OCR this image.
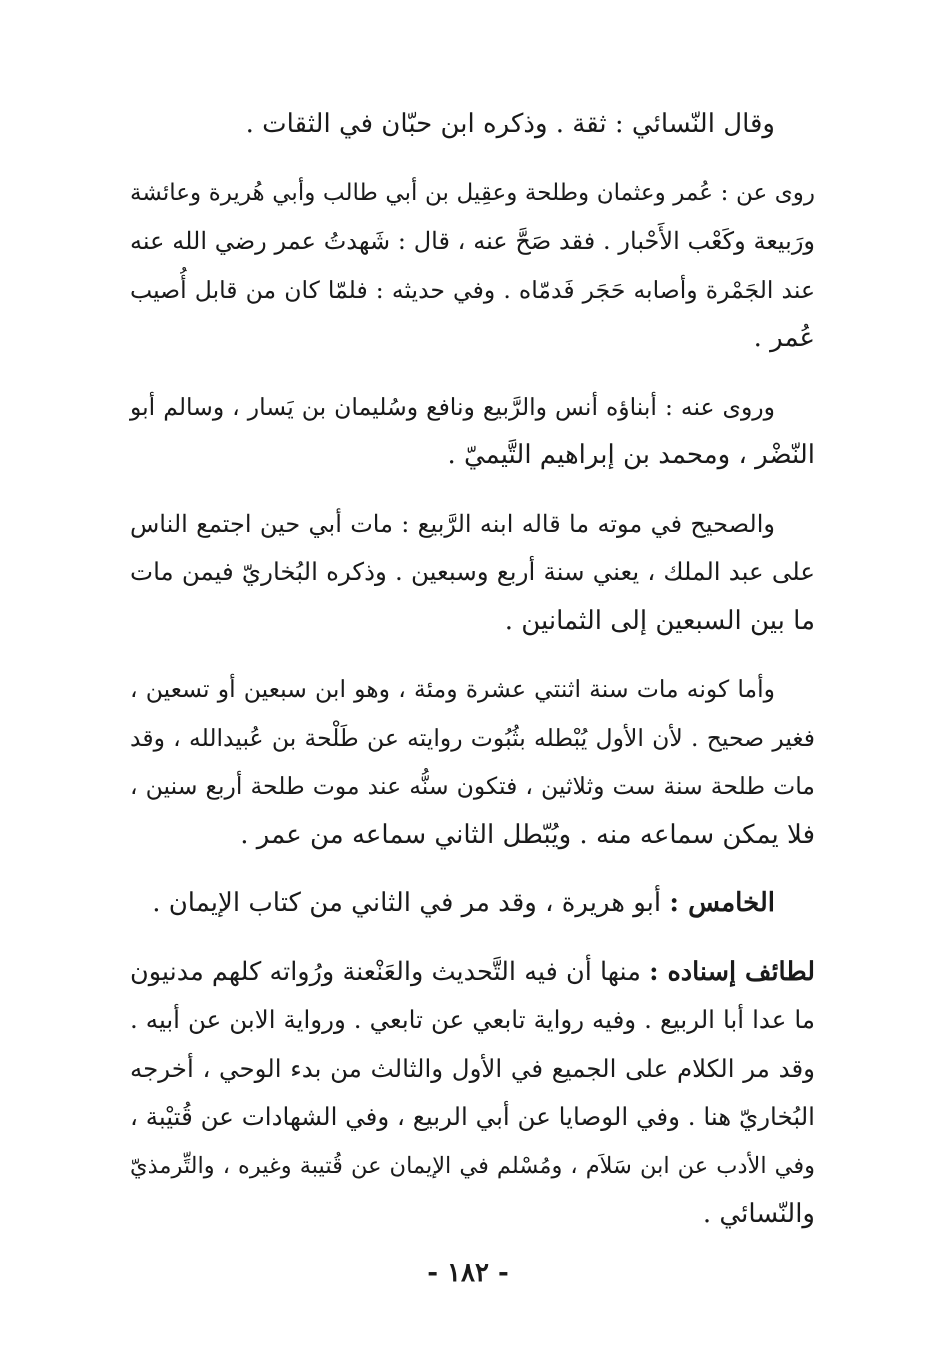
وقال النّسائي : ثقة . وذكره ابن حبّان في الثقات .

روى عن : عُمر وعثمان وطلحة وعقِيل بن أبي طالب وأبي هُريرة وعائشة
ورَبيعة وكَعْب الأَحْبار . فقد صَحَّ عنه ، قال : شَهدتُ عمر رضي الله عنه
عند الجَمْرة وأصابه حَجَر فَدمّاه . وفي حديثه : فلمّا كان من قابل أُصيب
عُمر .

وروى عنه : أبناؤه أنس والرَّبيع ونافع وسُليمان بن يَسار ، وسالم أبو
النّضْر ، ومحمد بن إبراهيم التَّيميّ .

والصحيح في موته ما قاله ابنه الرَّبيع : مات أبي حين اجتمع الناس
على عبد الملك ، يعني سنة أربع وسبعين . وذكره البُخاريّ فيمن مات
ما بين السبعين إلى الثمانين .

وأما كونه مات سنة اثنتي عشرة ومئة ، وهو ابن سبعين أو تسعين ،
فغير صحيح . لأن الأول يُبْطله بثُبُوت روايته عن طَلْحة بن عُبيدالله ، وقد
مات طلحة سنة ست وثلاثين ، فتكون سنُّه عند موت طلحة أربع سنين ،
فلا يمكن سماعه منه . ويُبّطل الثاني سماعه من عمر .

الخامس : أبو هريرة ، وقد مر في الثاني من كتاب الإيمان .

لطائف إسناده : منها أن فيه التَّحديث والعَنْعنة ورُواته كلهم مدنيون
ما عدا أبا الربيع . وفيه رواية تابعي عن تابعي . ورواية الابن عن أبيه .
وقد مر الكلام على الجميع في الأول والثالث من بدء الوحي ، أخرجه
البُخاريّ هنا . وفي الوصايا عن أبي الربيع ، وفي الشهادات عن قُتيْبة ،
وفي الأدب عن ابن سَلاَم ، ومُسْلم في الإيمان عن قُتيبة وغيره ، والتِّرمذيّ
والنّسائي .

- ١٨٢ -
